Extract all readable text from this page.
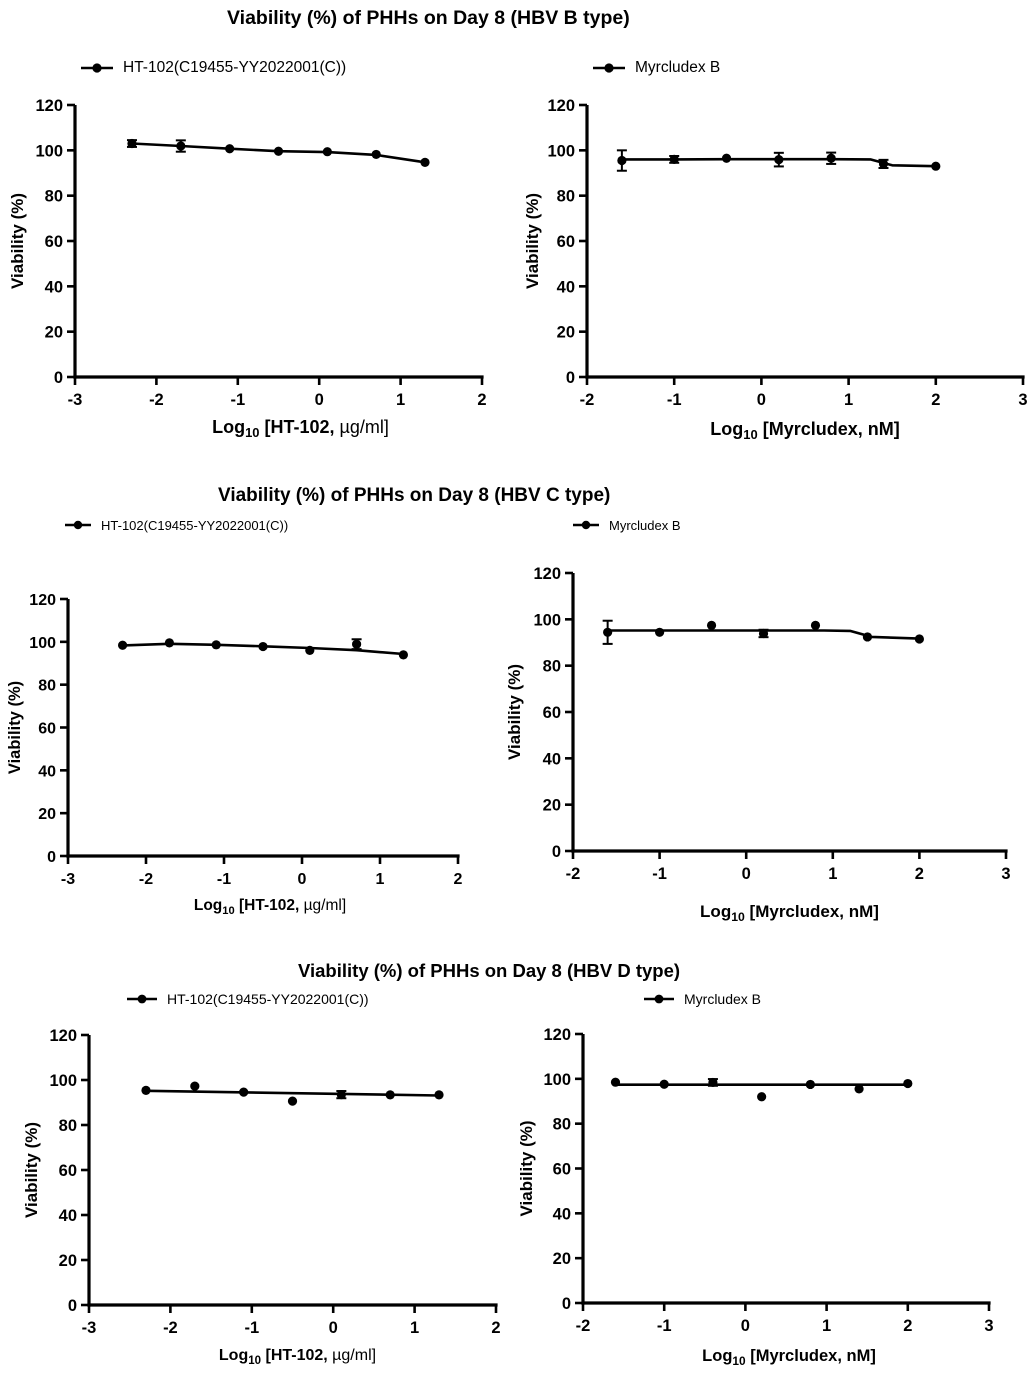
Viability (%) of PHHs on Day 8 (HBV B type)
HT-102(C19455-YY2022001(C))	Myrcludex B
0
20
40
60
80
100
120
-3	-2	-1	0	1	2
Viability (%)
Log$_{10}$ [HT-102, µg/ml]
0
20
40
60
80
100
120
-2	-1	0	1	2	3
Viability (%)
Log$_{10}$ [Myrcludex, nM]
Viability (%) of PHHs on Day 8 (HBV C type)
HT-102(C19455-YY2022001(C))	Myrcludex B
0
20
40
60
80
100
120
-3	-2	-1	0	1	2
Viability (%)
Log$_{10}$ [HT-102, µg/ml]
0
20
40
60
80
100
120
-2	-1	0	1	2	3
Viability (%)
Log$_{10}$ [Myrcludex, nM]
Viability (%) of PHHs on Day 8 (HBV D type)
HT-102(C19455-YY2022001(C))	Myrcludex B
0
20
40
60
80
100
120
-3	-2	-1	0	1	2
Viability (%)
Log$_{10}$ [HT-102, µg/ml]
0
20
40
60
80
100
120
-2	-1	0	1	2	3
Viability (%)
Log$_{10}$ [Myrcludex, nM]
